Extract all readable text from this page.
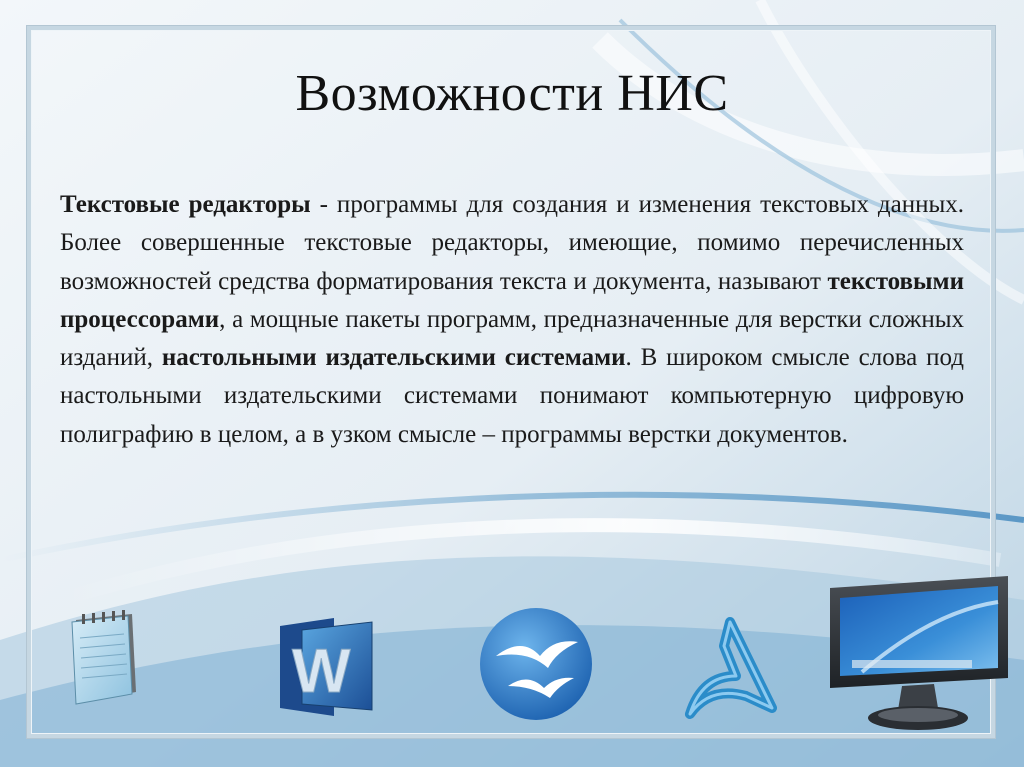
Возможности НИС

Текстовые редакторы - программы для создания и изменения текстовых данных. Более совершенные текстовые редакторы, имеющие, помимо перечисленных возможностей средства форматирования текста и документа, называют текстовыми процессорами, а мощные пакеты программ, предназначенные для верстки сложных изданий, настольными издательскими системами. В широком смысле слова под настольными издательскими системами понимают компьютерную цифровую полиграфию в целом, а в узком смысле – программы верстки документов.

W
